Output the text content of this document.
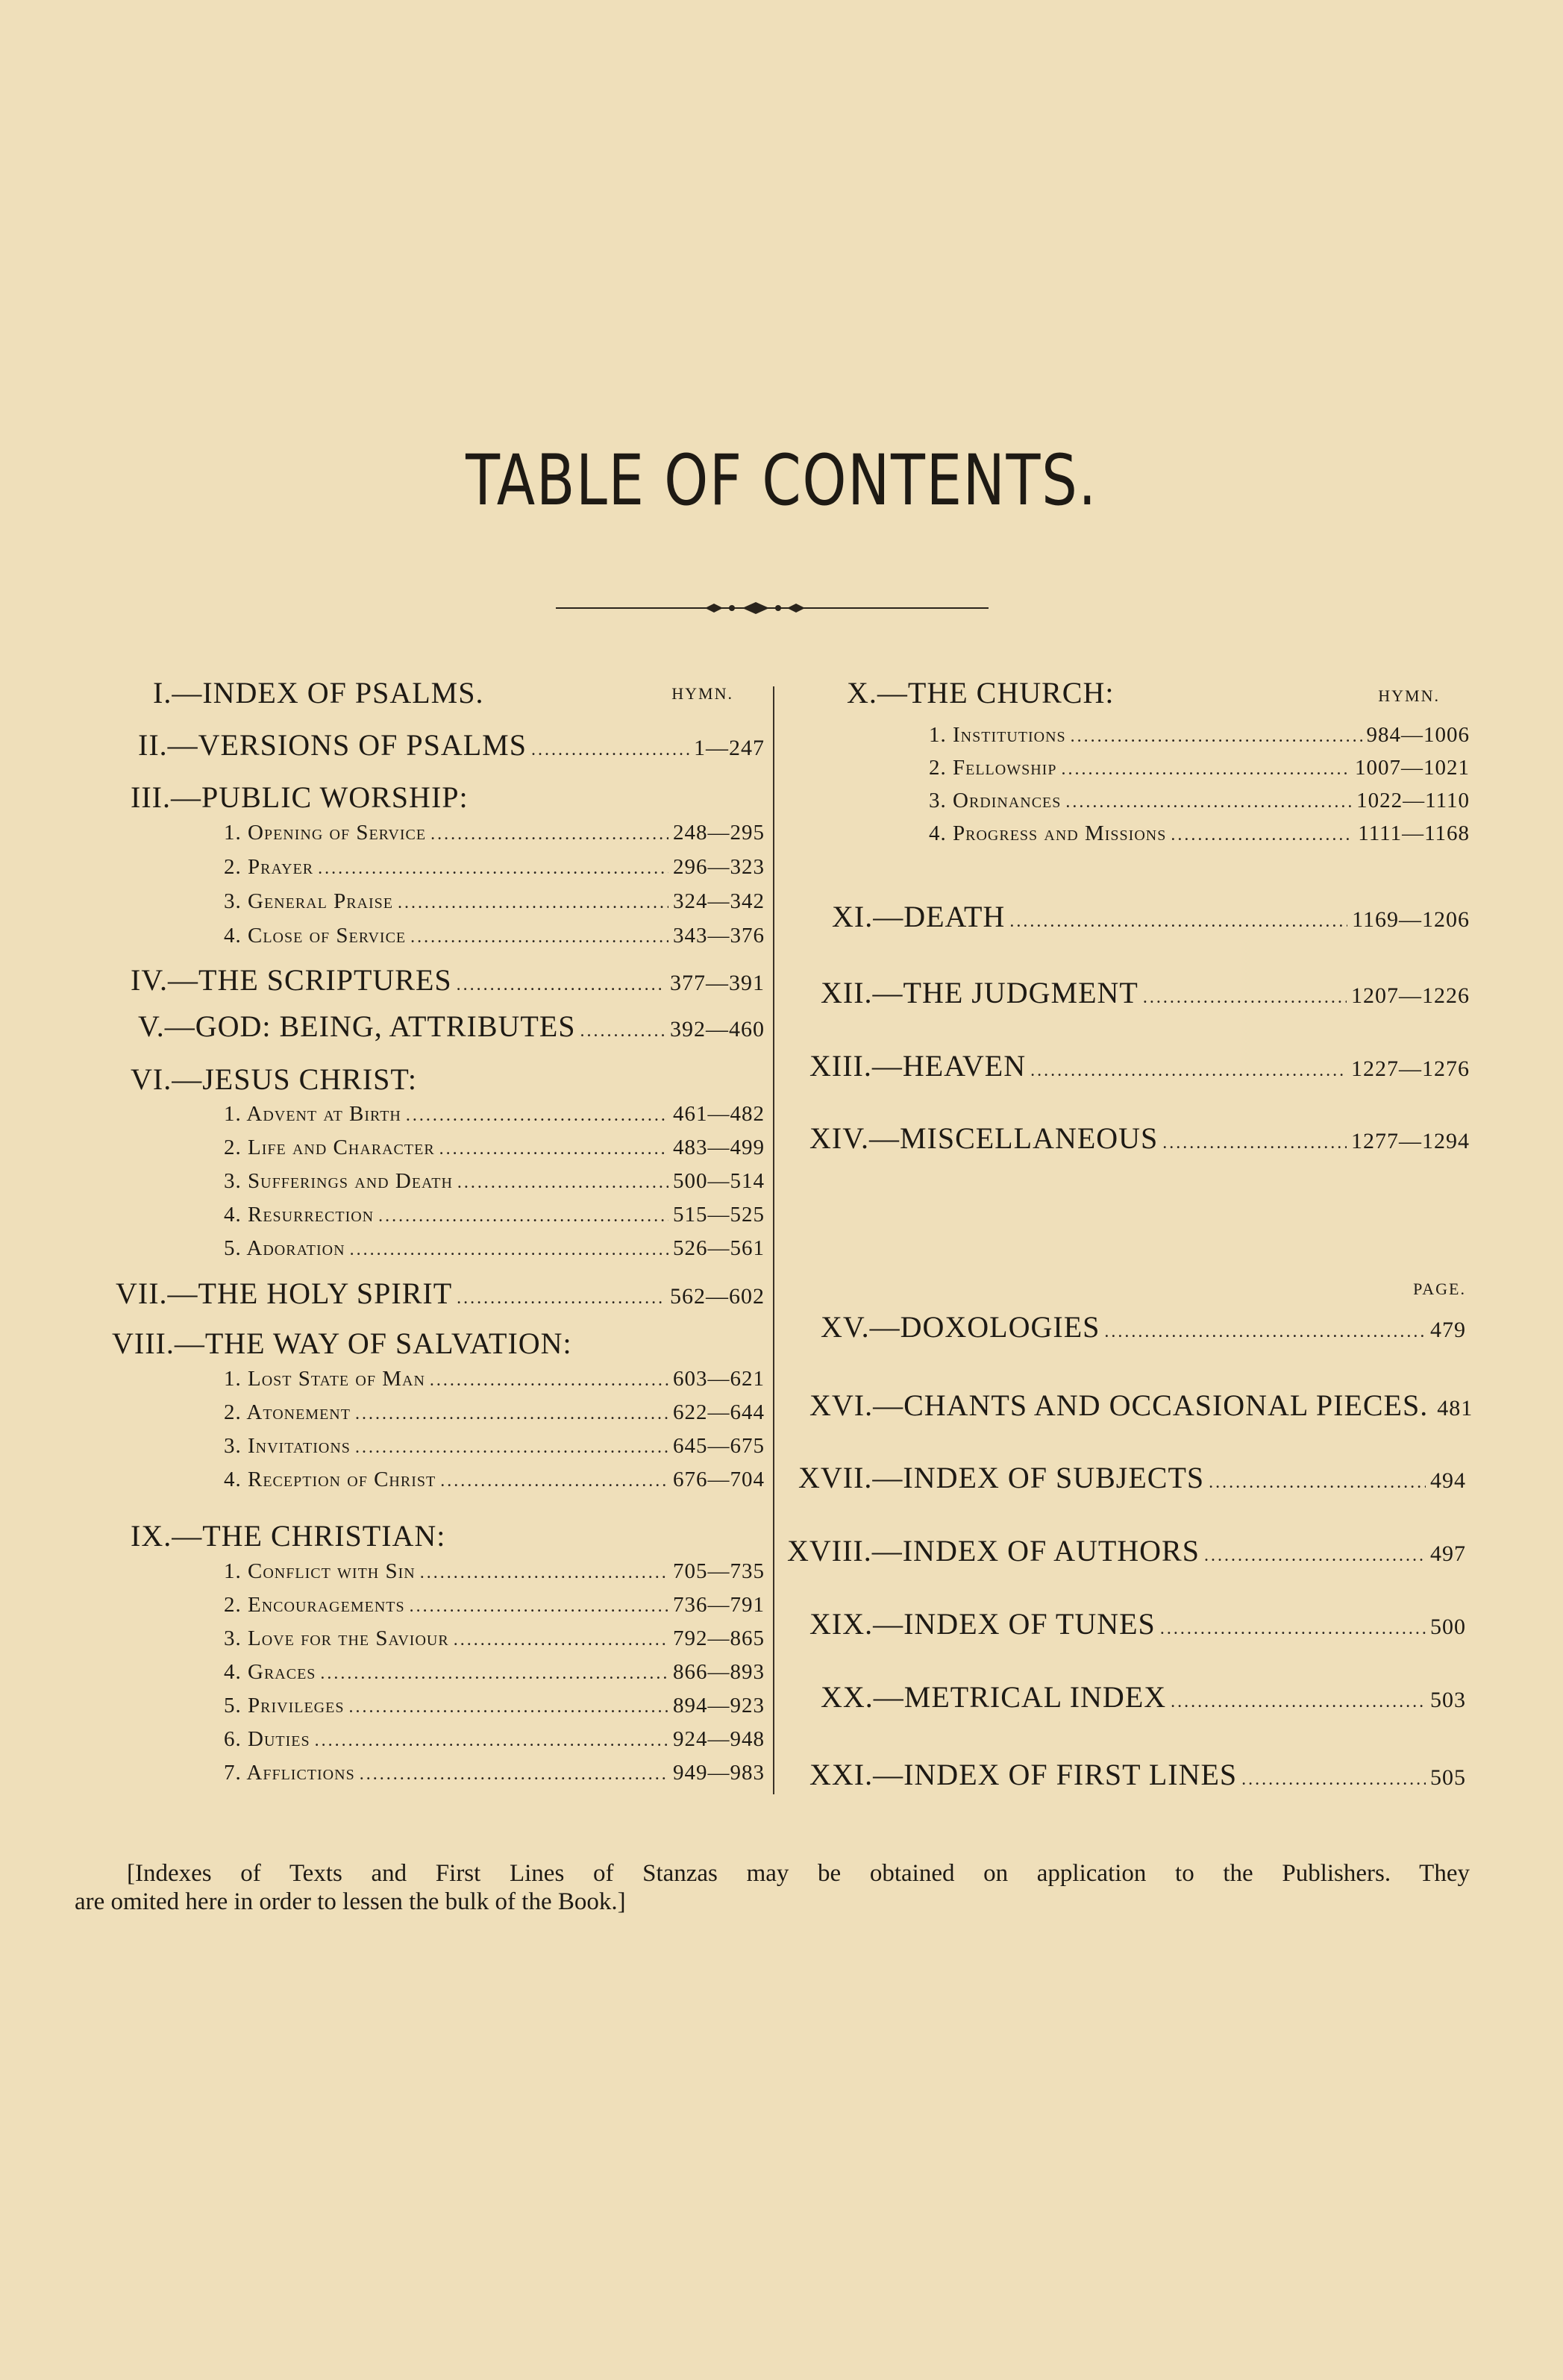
TABLE OF CONTENTS.
HYMN.
I.—INDEX OF PSALMS.
II.—VERSIONS OF PSALMS .....	1—247
III.—PUBLIC WORSHIP:
1. Opening of Service .....	248—295
2. Prayer .....	296—323
3. General Praise .....	324—342
4. Close of Service .....	343—376
IV.—THE SCRIPTURES .....	377—391
V.—GOD: BEING, ATTRIBUTES .....	392—460
VI.—JESUS CHRIST:
1. Advent at Birth .....	461—482
2. Life and Character .....	483—499
3. Sufferings and Death .....	500—514
4. Resurrection .....	515—525
5. Adoration .....	526—561
VII.—THE HOLY SPIRIT .....	562—602
VIII.—THE WAY OF SALVATION:
1. Lost State of Man .....	603—621
2. Atonement .....	622—644
3. Invitations .....	645—675
4. Reception of Christ .....	676—704
IX.—THE CHRISTIAN:
1. Conflict with Sin .....	705—735
2. Encouragements .....	736—791
3. Love for the Saviour .....	792—865
4. Graces .....	866—893
5. Privileges .....	894—923
6. Duties .....	924—948
7. Afflictions .....	949—983
HYMN.
X.—THE CHURCH:
1. Institutions .....	984—1006
2. Fellowship .....	1007—1021
3. Ordinances .....	1022—1110
4. Progress and Missions .....	1111—1168
XI.—DEATH .....	1169—1206
XII.—THE JUDGMENT .....	1207—1226
XIII.—HEAVEN .....	1227—1276
XIV.—MISCELLANEOUS .....	1277—1294
PAGE.
XV.—DOXOLOGIES .....	479
XVI.—CHANTS AND OCCASIONAL PIECES. 481
XVII.—INDEX OF SUBJECTS .....	494
XVIII.—INDEX OF AUTHORS .....	497
XIX.—INDEX OF TUNES .....	500
XX.—METRICAL INDEX .....	503
XXI.—INDEX OF FIRST LINES .....	505
[Indexes of Texts and First Lines of Stanzas may be obtained on application to the Publishers. They
are omited here in order to lessen the bulk of the Book.]
